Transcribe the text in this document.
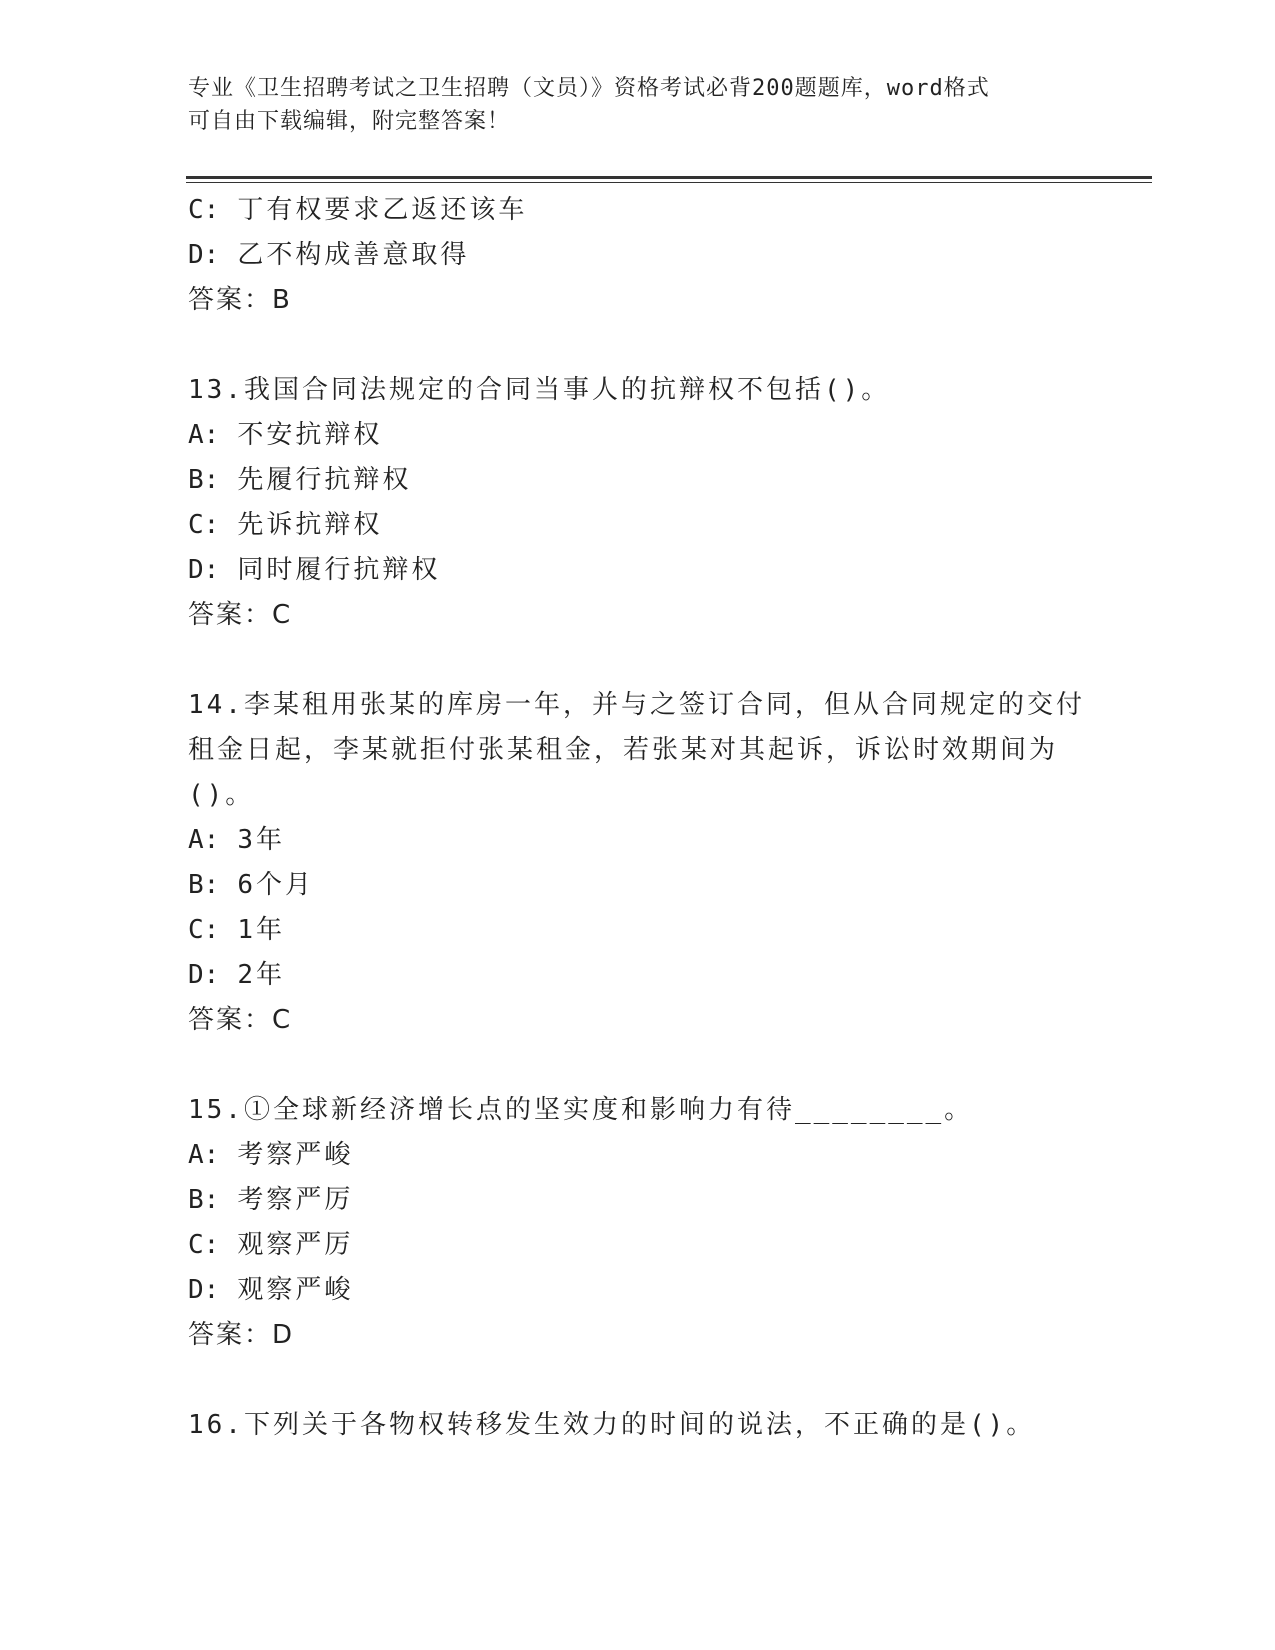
专业《卫生招聘考试之卫生招聘（文员）》资格考试必背200题题库，word格式
可自由下载编辑，附完整答案！
C: 丁有权要求乙返还该车
D: 乙不构成善意取得
答案：B
13.我国合同法规定的合同当事人的抗辩权不包括()。
A: 不安抗辩权
B: 先履行抗辩权
C: 先诉抗辩权
D: 同时履行抗辩权
答案：C
14.李某租用张某的库房一年，并与之签订合同，但从合同规定的交付
租金日起，李某就拒付张某租金，若张某对其起诉，诉讼时效期间为
()。
A: 3年
B: 6个月
C: 1年
D: 2年
答案：C
15.①全球新经济增长点的坚实度和影响力有待________。
A: 考察严峻
B: 考察严厉
C: 观察严厉
D: 观察严峻
答案：D
16.下列关于各物权转移发生效力的时间的说法，不正确的是()。
